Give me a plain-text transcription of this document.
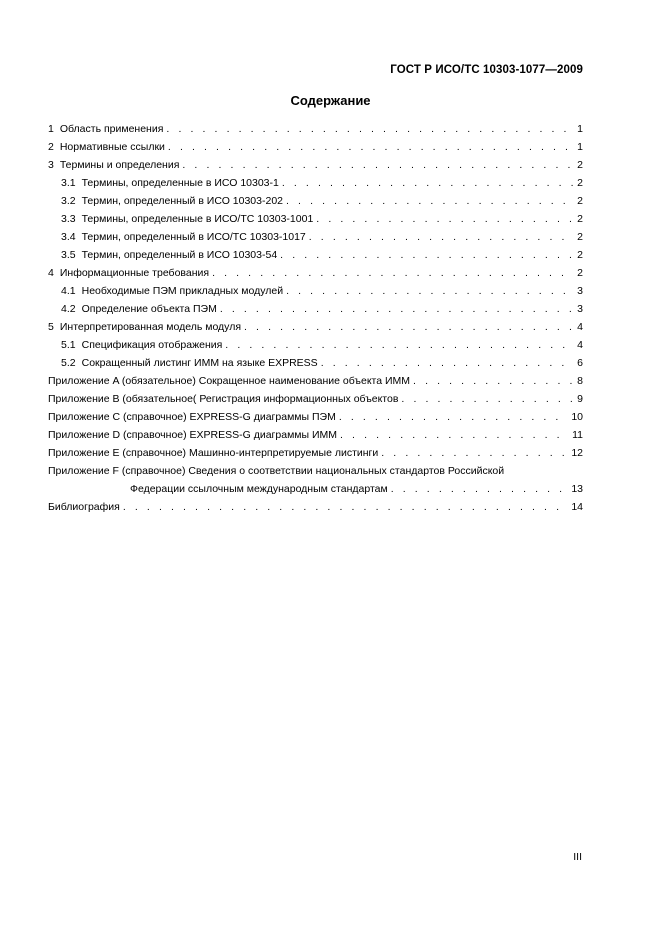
ГОСТ Р ИСО/ТС 10303-1077—2009
Содержание
1 Область применения . . .	1
2 Нормативные ссылки . . .	1
3 Термины и определения . . .	2
3.1 Термины, определенные в ИСО 10303-1 . . .	2
3.2 Термин, определенный в ИСО 10303-202 . . .	2
3.3 Термины, определенные в ИСО/ТС 10303-1001 . . .	2
3.4 Термин, определенный в ИСО/ТС 10303-1017 . . .	2
3.5 Термин, определенный в ИСО 10303-54 . . .	2
4 Информационные требования . . .	2
4.1 Необходимые ПЭМ прикладных модулей . . .	3
4.2 Определение объекта ПЭМ . . .	3
5 Интерпретированная модель модуля . . .	4
5.1 Спецификация отображения . . .	4
5.2 Сокращенный листинг ИММ на языке EXPRESS . . .	6
Приложение A (обязательное) Сокращенное наименование объекта ИММ . . .	8
Приложение B (обязательное( Регистрация информационных объектов . . .	9
Приложение C (справочное) EXPRESS-G диаграммы ПЭМ . . .	10
Приложение D (справочное) EXPRESS-G диаграммы ИММ . . .	11
Приложение E (справочное) Машинно-интерпретируемые листинги . . .	12
Приложение F (справочное) Сведения о соответствии национальных стандартов Российской
Федерации ссылочным международным стандартам . . .	13
Библиография . . .	14
III
